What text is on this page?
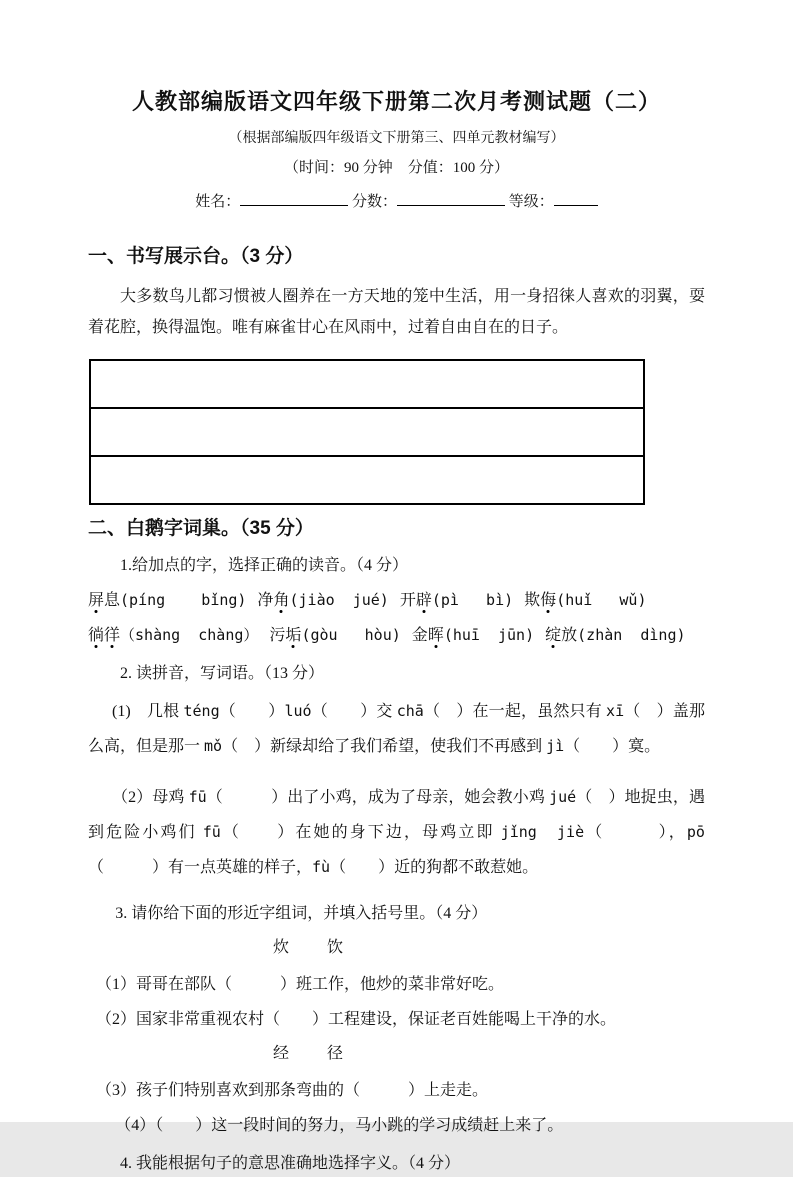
人教部编版语文四年级下册第二次月考测试题（二）
（根据部编版四年级语文下册第三、四单元教材编写）
（时间：90 分钟　分值：100 分）
姓名：	分数：	等级：
一、书写展示台。（3 分）

大多数鸟儿都习惯被人圈养在一方天地的笼中生活，用一身招徕人喜欢的羽翼，耍着花腔，换得温饱。唯有麻雀甘心在风雨中，过着自由自在的日子。

二、白鹅字词巢。（35 分）
1.给加点的字，选择正确的读音。（4 分）
屏息(píng    bǐng) 净角(jiào  jué) 开辟(pì   bì) 欺侮(huǐ   wǔ)
徜徉（shàng  chàng） 污垢(gòu   hòu) 金晖(huī  jūn) 绽放(zhàn  dìng)
2. 读拼音，写词语。（13 分）

(1)　几根 téng（　　）luó（　　）交 chā（　）在一起，虽然只有 xī（　）盖那么高，但是那一 mǒ（　）新绿却给了我们希望，使我们不再感到 jì（　　）寞。

（2）母鸡 fū（　　　）出了小鸡，成为了母亲，她会教小鸡 jué（　）地捉虫，遇到危险小鸡们 fū（　　）在她的身下边，母鸡立即 jǐng　 jiè（　　　），pō（　　　）有一点英雄的样子，fù（　　）近的狗都不敢惹她。

3. 请你给下面的形近字组词，并填入括号里。（4 分）
炊　　饮
（1）哥哥在部队（　　　）班工作，他炒的菜非常好吃。
（2）国家非常重视农村（　　）工程建设，保证老百姓能喝上干净的水。
经　　径
（3）孩子们特别喜欢到那条弯曲的（　　　）上走走。
（4）（　　）这一段时间的努力，马小跳的学习成绩赶上来了。
4. 我能根据句子的意思准确地选择字义。（4 分）
